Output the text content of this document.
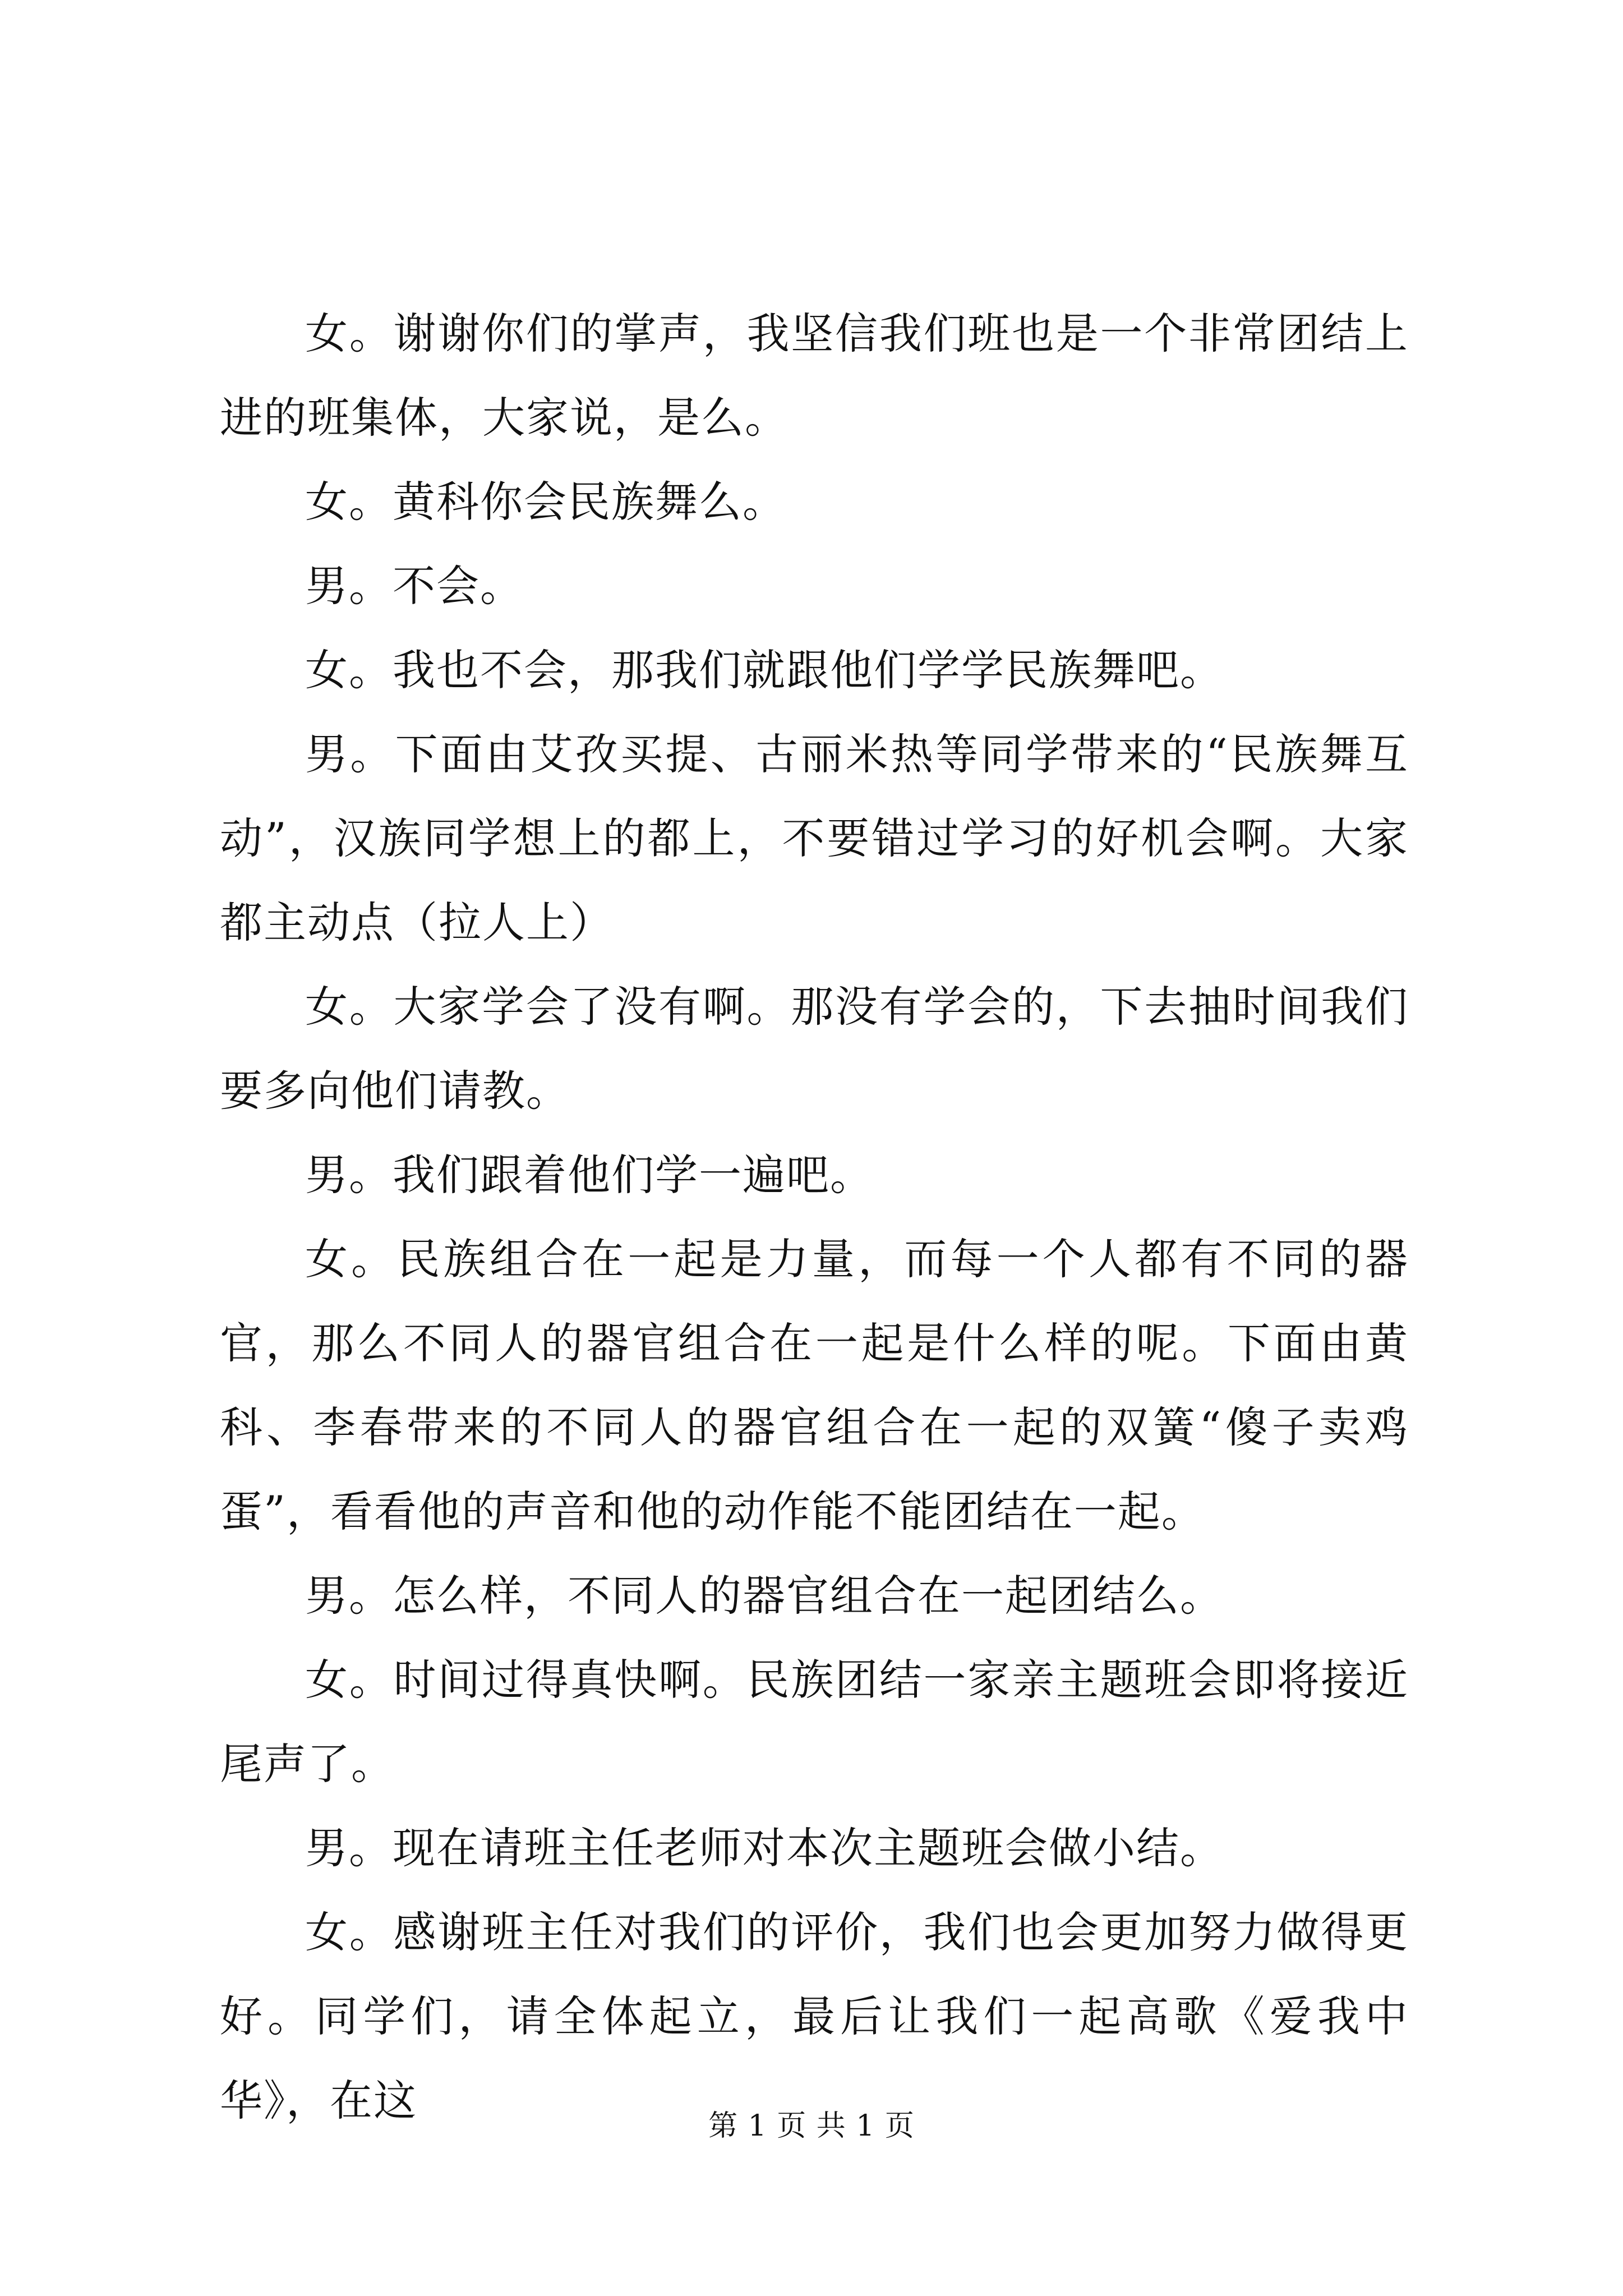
女。谢谢你们的掌声，我坚信我们班也是一个非常团结上进的班集体，大家说，是么。

女。黄科你会民族舞么。

男。不会。

女。我也不会，那我们就跟他们学学民族舞吧。

男。下面由艾孜买提、古丽米热等同学带来的“民族舞互动”，汉族同学想上的都上，不要错过学习的好机会啊。大家都主动点（拉人上）

女。大家学会了没有啊。那没有学会的，下去抽时间我们要多向他们请教。

男。我们跟着他们学一遍吧。

女。民族组合在一起是力量，而每一个人都有不同的器官，那么不同人的器官组合在一起是什么样的呢。下面由黄科、李春带来的不同人的器官组合在一起的双簧“傻子卖鸡蛋”，看看他的声音和他的动作能不能团结在一起。

男。怎么样，不同人的器官组合在一起团结么。

女。时间过得真快啊。民族团结一家亲主题班会即将接近尾声了。

男。现在请班主任老师对本次主题班会做小结。

女。感谢班主任对我们的评价，我们也会更加努力做得更好。同学们，请全体起立，最后让我们一起高歌《爱我中华》，在这

第 1 页 共 1 页
